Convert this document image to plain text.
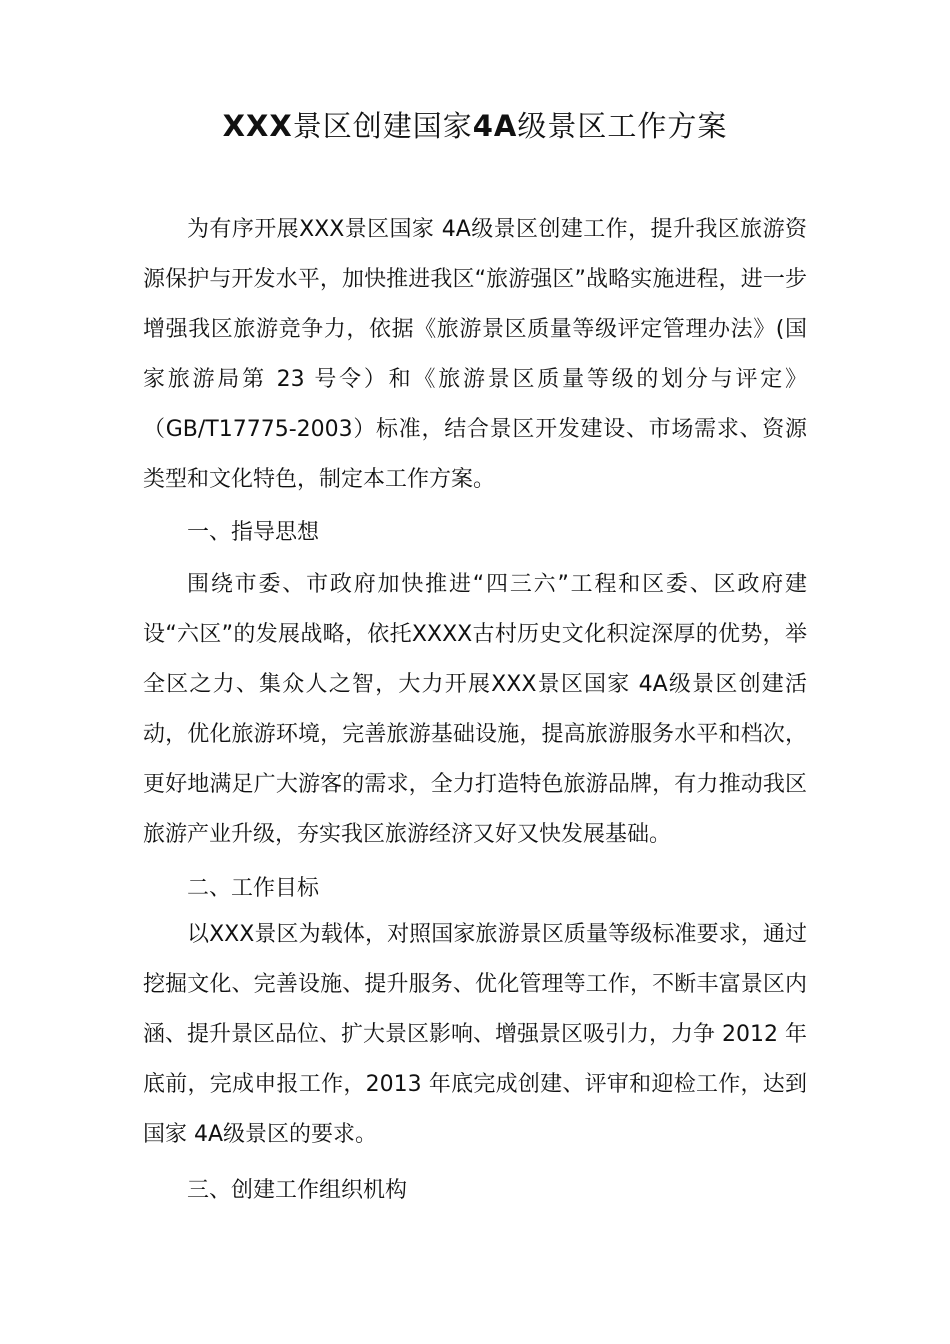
XXX景区创建国家4A级景区工作方案

为有序开展XXX景区国家 4A级景区创建工作，提升我区旅游资源保护与开发水平，加快推进我区“旅游强区”战略实施进程，进一步增强我区旅游竞争力，依据《旅游景区质量等级评定管理办法》(国家旅游局第 23 号令）和《旅游景区质量等级的划分与评定》（GB/T17775-2003）标准，结合景区开发建设、市场需求、资源类型和文化特色，制定本工作方案。

一、指导思想

围绕市委、市政府加快推进“四三六”工程和区委、区政府建设“六区”的发展战略，依托XXXX古村历史文化积淀深厚的优势，举全区之力、集众人之智，大力开展XXX景区国家 4A级景区创建活动，优化旅游环境，完善旅游基础设施，提高旅游服务水平和档次，更好地满足广大游客的需求，全力打造特色旅游品牌，有力推动我区旅游产业升级，夯实我区旅游经济又好又快发展基础。

二、工作目标

以XXX景区为载体，对照国家旅游景区质量等级标准要求，通过挖掘文化、完善设施、提升服务、优化管理等工作，不断丰富景区内涵、提升景区品位、扩大景区影响、增强景区吸引力，力争 2012 年底前，完成申报工作，2013 年底完成创建、评审和迎检工作，达到国家 4A级景区的要求。

三、创建工作组织机构
